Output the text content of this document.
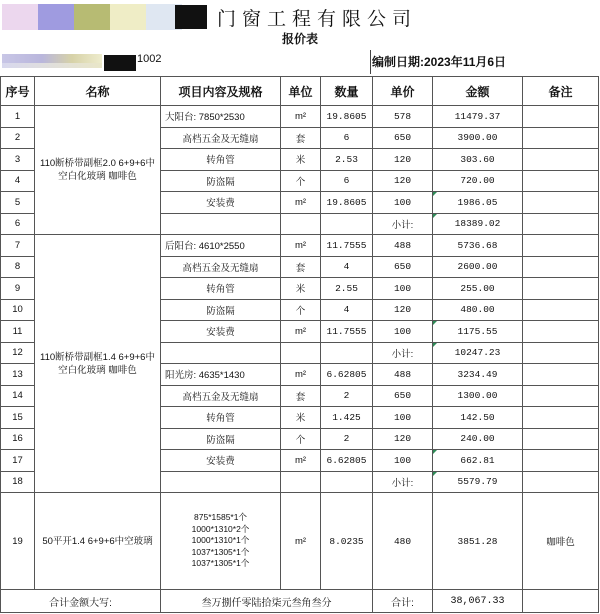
门窗工程有限公司
报价表
1002	编制日期:2023年11月6日
序号	名称	项目内容及规格	单位	数量	单价	金额	备注
1	110断桥带副框2.0 6+9+6中空白化玻璃 咖啡色	大阳台: 7850*2530	m²	19.8605	578	11479.37	
2		高档五金及无缝扇	套	6	650	3900.00	
3		转角管	米	2.53	120	303.60	
4		防盗隔	个	6	120	720.00	
5		安装费	m²	19.8605	100	1986.05	
6					小计:	18389.02	
7	110断桥带副框1.4 6+9+6中空白化玻璃 咖啡色	后阳台: 4610*2550	m²	11.7555	488	5736.68	
8		高档五金及无缝扇	套	4	650	2600.00	
9		转角管	米	2.55	100	255.00	
10		防盗隔	个	4	120	480.00	
11		安装费	m²	11.7555	100	1175.55	
12					小计:	10247.23	
13		阳光房: 4635*1430	m²	6.62805	488	3234.49	
14		高档五金及无缝扇	套	2	650	1300.00	
15		转角管	米	1.425	100	142.50	
16		防盗隔	个	2	120	240.00	
17		安装费	m²	6.62805	100	662.81	
18					小计:	5579.79	
19	50平开1.4 6+9+6中空玻璃	875*1585*1个
1000*1310*2个
1000*1310*1个
1037*1305*1个
1037*1305*1个	m²	8.0235	480	3851.28	咖啡色
合计金额大写:		叁万捌仟零陆拾柒元叁角叁分			合计:	38,067.33	
